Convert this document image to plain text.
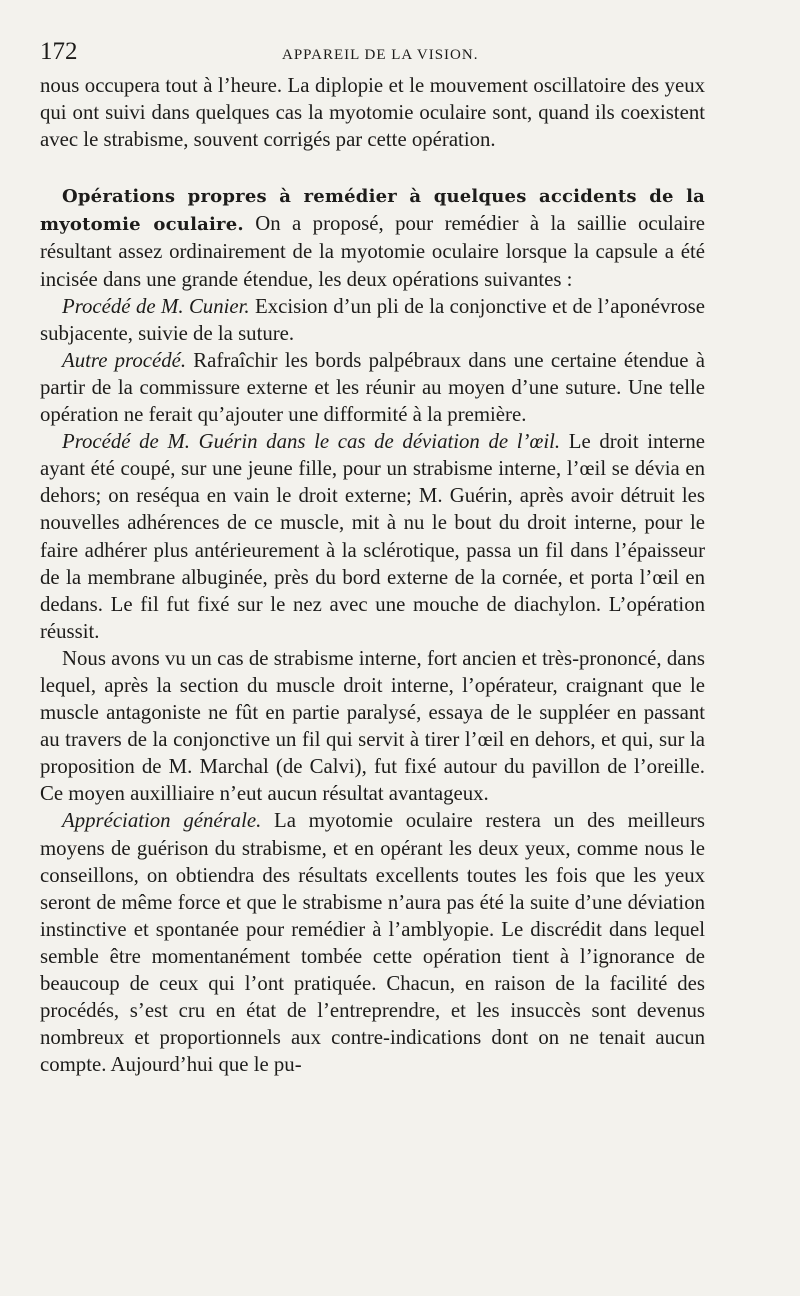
172	APPAREIL DE LA VISION.

nous occupera tout à l’heure. La diplopie et le mouvement oscillatoire des yeux qui ont suivi dans quelques cas la myotomie oculaire sont, quand ils coexistent avec le strabisme, souvent corrigés par cette opération.

Opérations propres à remédier à quelques accidents de la myotomie oculaire. On a proposé, pour remédier à la saillie oculaire résultant assez ordinairement de la myotomie oculaire lorsque la capsule a été incisée dans une grande étendue, les deux opérations suivantes :

Procédé de M. Cunier. Excision d’un pli de la conjonctive et de l’aponévrose subjacente, suivie de la suture.

Autre procédé. Rafraîchir les bords palpébraux dans une certaine étendue à partir de la commissure externe et les réunir au moyen d’une suture. Une telle opération ne ferait qu’ajouter une difformité à la première.

Procédé de M. Guérin dans le cas de déviation de l’œil. Le droit interne ayant été coupé, sur une jeune fille, pour un strabisme interne, l’œil se dévia en dehors; on reséqua en vain le droit externe; M. Guérin, après avoir détruit les nouvelles adhérences de ce muscle, mit à nu le bout du droit interne, pour le faire adhérer plus antérieurement à la sclérotique, passa un fil dans l’épaisseur de la membrane albuginée, près du bord externe de la cornée, et porta l’œil en dedans. Le fil fut fixé sur le nez avec une mouche de diachylon. L’opération réussit.

Nous avons vu un cas de strabisme interne, fort ancien et très-prononcé, dans lequel, après la section du muscle droit interne, l’opérateur, craignant que le muscle antagoniste ne fût en partie paralysé, essaya de le suppléer en passant au travers de la conjonctive un fil qui servit à tirer l’œil en dehors, et qui, sur la proposition de M. Marchal (de Calvi), fut fixé autour du pavillon de l’oreille. Ce moyen auxilliaire n’eut aucun résultat avantageux.

Appréciation générale. La myotomie oculaire restera un des meilleurs moyens de guérison du strabisme, et en opérant les deux yeux, comme nous le conseillons, on obtiendra des résultats excellents toutes les fois que les yeux seront de même force et que le strabisme n’aura pas été la suite d’une déviation instinctive et spontanée pour remédier à l’amblyopie. Le discrédit dans lequel semble être momentanément tombée cette opération tient à l’ignorance de beaucoup de ceux qui l’ont pratiquée. Chacun, en raison de la facilité des procédés, s’est cru en état de l’entreprendre, et les insuccès sont devenus nombreux et proportionnels aux contre-indications dont on ne tenait aucun compte. Aujourd’hui que le pu-
